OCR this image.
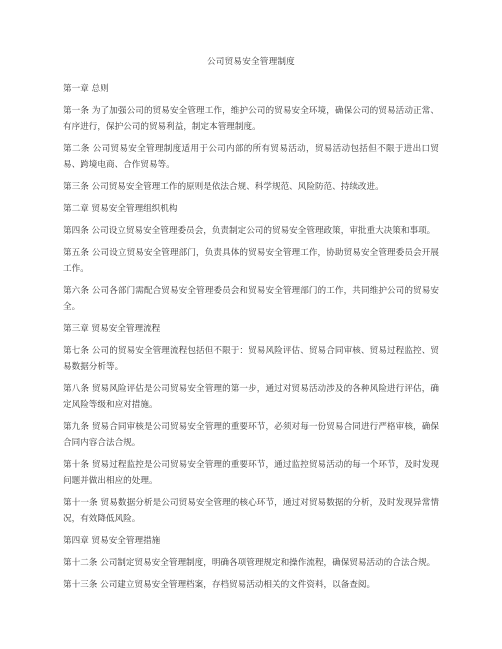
公司贸易安全管理制度

第一章 总则

第一条 为了加强公司的贸易安全管理工作，维护公司的贸易安全环境，确保公司的贸易活动正常、有序进行，保护公司的贸易利益，制定本管理制度。

第二条 公司贸易安全管理制度适用于公司内部的所有贸易活动，贸易活动包括但不限于进出口贸易、跨境电商、合作贸易等。

第三条 公司贸易安全管理工作的原则是依法合规、科学规范、风险防范、持续改进。

第二章 贸易安全管理组织机构

第四条 公司设立贸易安全管理委员会，负责制定公司的贸易安全管理政策，审批重大决策和事项。

第五条 公司设立贸易安全管理部门，负责具体的贸易安全管理工作，协助贸易安全管理委员会开展工作。

第六条 公司各部门需配合贸易安全管理委员会和贸易安全管理部门的工作，共同维护公司的贸易安全。

第三章 贸易安全管理流程

第七条 公司的贸易安全管理流程包括但不限于：贸易风险评估、贸易合同审核、贸易过程监控、贸易数据分析等。

第八条 贸易风险评估是公司贸易安全管理的第一步，通过对贸易活动涉及的各种风险进行评估，确定风险等级和应对措施。

第九条 贸易合同审核是公司贸易安全管理的重要环节，必须对每一份贸易合同进行严格审核，确保合同内容合法合规。

第十条 贸易过程监控是公司贸易安全管理的重要环节，通过监控贸易活动的每一个环节，及时发现问题并做出相应的处理。

第十一条 贸易数据分析是公司贸易安全管理的核心环节，通过对贸易数据的分析，及时发现异常情况，有效降低风险。

第四章 贸易安全管理措施

第十二条 公司制定贸易安全管理制度，明确各项管理规定和操作流程，确保贸易活动的合法合规。

第十三条 公司建立贸易安全管理档案，存档贸易活动相关的文件资料，以备查阅。
